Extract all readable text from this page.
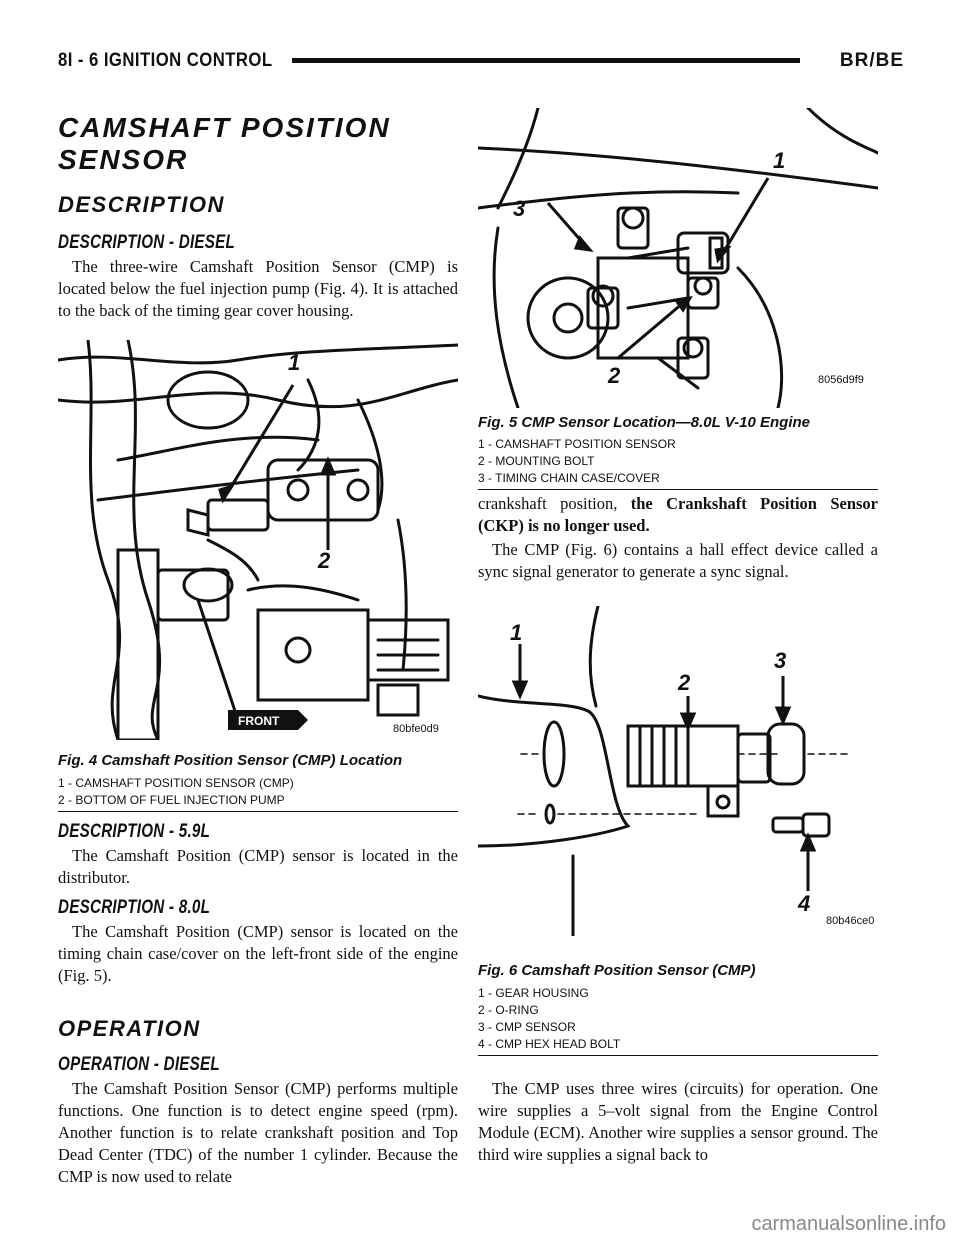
8I - 6 IGNITION CONTROL	BR/BE
CAMSHAFT POSITION
SENSOR
DESCRIPTION
DESCRIPTION - DIESEL

The three-wire Camshaft Position Sensor (CMP) is located below the fuel injection pump (Fig. 4). It is attached to the back of the timing gear cover housing.

1
2
FRONT
80bfe0d9
Fig. 4 Camshaft Position Sensor (CMP) Location
1 - CAMSHAFT POSITION SENSOR (CMP)
2 - BOTTOM OF FUEL INJECTION PUMP
DESCRIPTION - 5.9L

The Camshaft Position (CMP) sensor is located in the distributor.

DESCRIPTION - 8.0L

The Camshaft Position (CMP) sensor is located on the timing chain case/cover on the left-front side of the engine (Fig. 5).

OPERATION
OPERATION - DIESEL

The Camshaft Position Sensor (CMP) performs multiple functions. One function is to detect engine speed (rpm). Another function is to relate crankshaft position and Top Dead Center (TDC) of the number 1 cylinder. Because the CMP is now used to relate

1
2
3
8056d9f9
Fig. 5 CMP Sensor Location—8.0L V-10 Engine
1 - CAMSHAFT POSITION SENSOR
2 - MOUNTING BOLT
3 - TIMING CHAIN CASE/COVER
crankshaft position, the Crankshaft Position Sensor (CKP) is no longer used.

The CMP (Fig. 6) contains a hall effect device called a sync signal generator to generate a sync signal.

1
2
3
4
80b46ce0
Fig. 6 Camshaft Position Sensor (CMP)
1 - GEAR HOUSING
2 - O-RING
3 - CMP SENSOR
4 - CMP HEX HEAD BOLT

The CMP uses three wires (circuits) for operation. One wire supplies a 5–volt signal from the Engine Control Module (ECM). Another wire supplies a sensor ground. The third wire supplies a signal back to

carmanualsonline.info
